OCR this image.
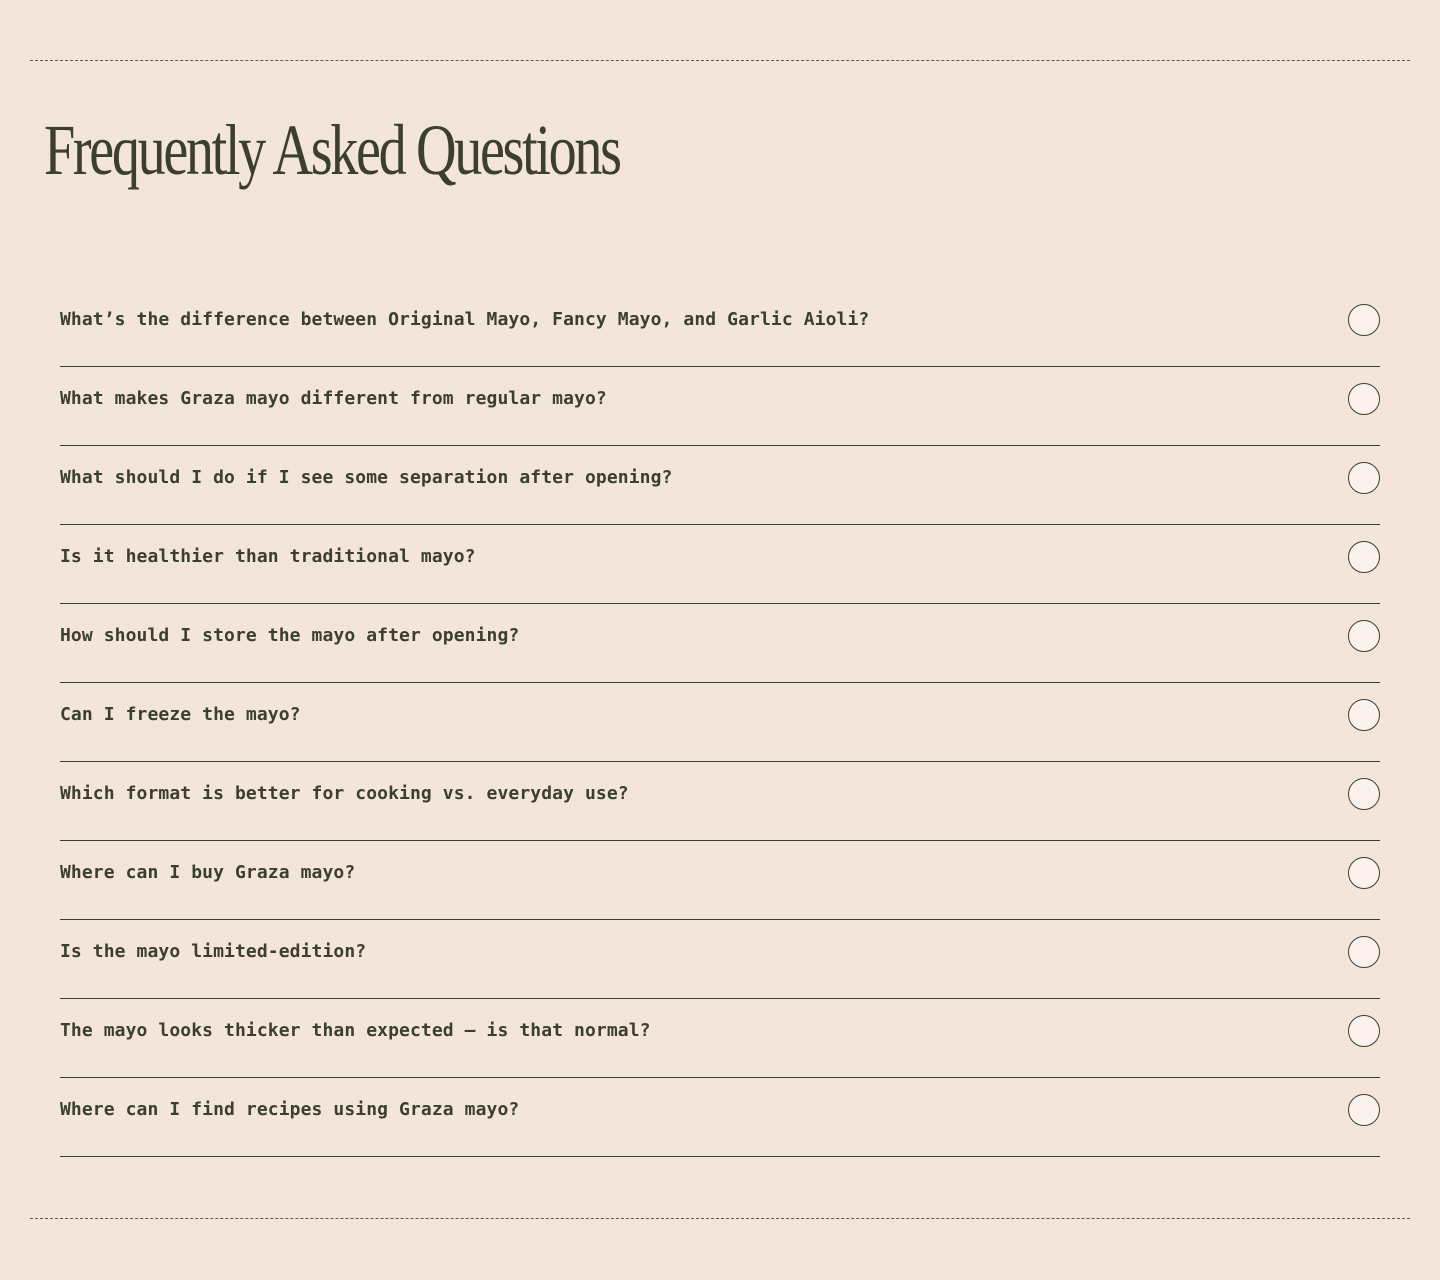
Frequently Asked Questions
What’s the difference between Original Mayo, Fancy Mayo, and Garlic Aioli?
What makes Graza mayo different from regular mayo?
What should I do if I see some separation after opening?
Is it healthier than traditional mayo?
How should I store the mayo after opening?
Can I freeze the mayo?
Which format is better for cooking vs. everyday use?
Where can I buy Graza mayo?
Is the mayo limited-edition?
The mayo looks thicker than expected — is that normal?
Where can I find recipes using Graza mayo?
